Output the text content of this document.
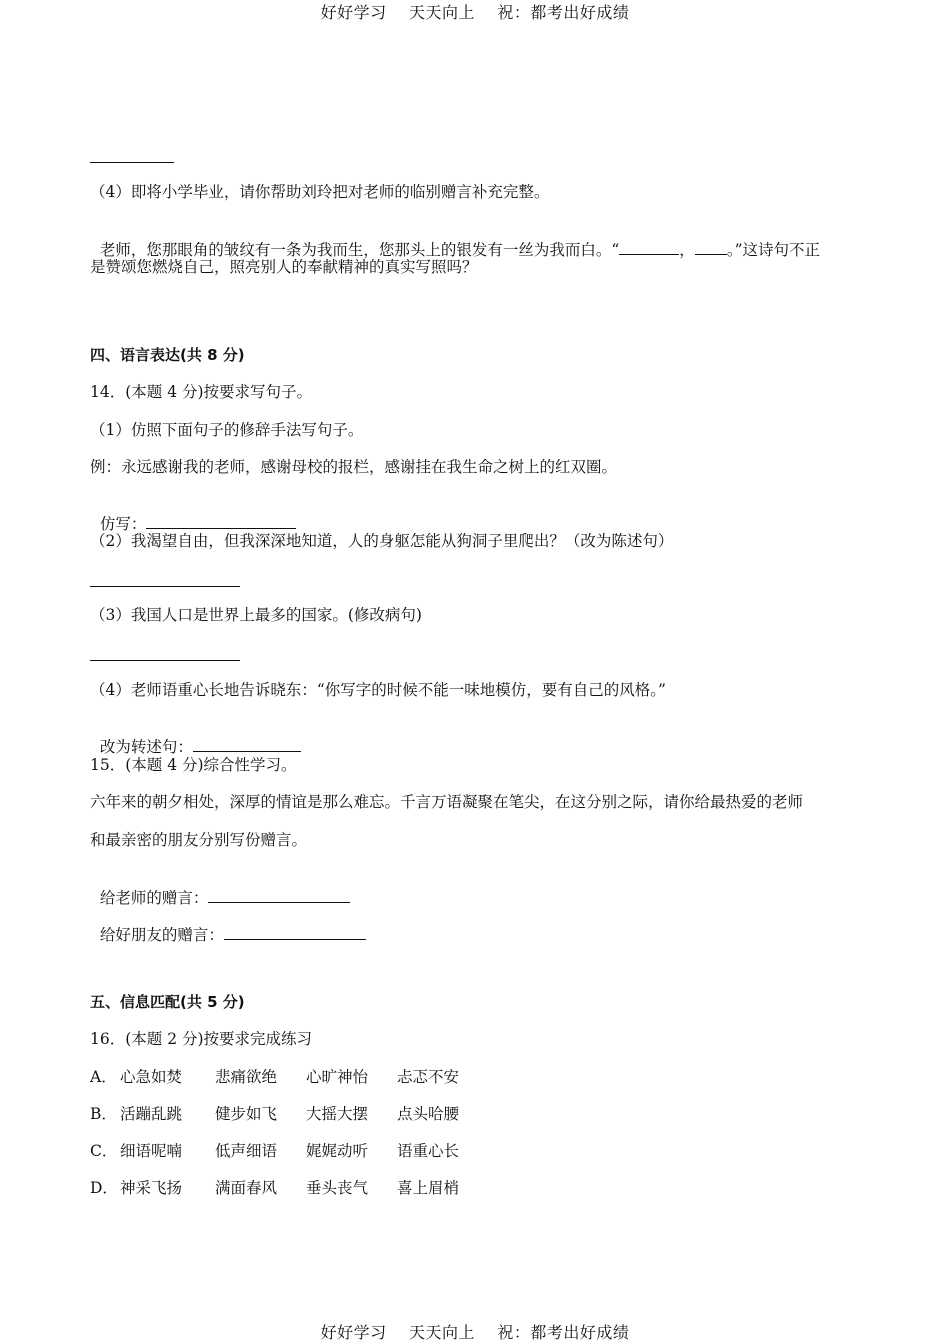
好好学习    天天向上    祝：都考出好成绩
（4）即将小学毕业，请你帮助刘玲把对老师的临别赠言补充完整。

老师，您那眼角的皱纹有一条为我而生，您那头上的银发有一丝为我而白。“	， 。”这诗句不正

是赞颂您燃烧自己，照亮别人的奉献精神的真实写照吗？
四、语言表达(共 8 分)
14．(本题 4 分)按要求写句子。
（1）仿照下面句子的修辞手法写句子。
例：永远感谢我的老师，感谢母校的报栏，感谢挂在我生命之树上的红双圈。

仿写：

（2）我渴望自由，但我深深地知道，人的身躯怎能从狗洞子里爬出？（改为陈述句）
（3）我国人口是世界上最多的国家。(修改病句)
（4）老师语重心长地告诉晓东：“你写字的时候不能一味地模仿，要有自己的风格。”

改为转述句：

15．(本题 4 分)综合性学习。
六年来的朝夕相处，深厚的情谊是那么难忘。千言万语凝聚在笔尖，在这分别之际，请你给最热爱的老师
和最亲密的朋友分别写份赠言。

给老师的赠言：

给好朋友的赠言：

五、信息匹配(共 5 分)
16．(本题 2 分)按要求完成练习
A． 心急如焚 悲痛欲绝 心旷神怡 忐忑不安
B． 活蹦乱跳 健步如飞 大摇大摆 点头哈腰
C． 细语呢喃 低声细语 娓娓动听 语重心长
D． 神采飞扬 满面春风 垂头丧气 喜上眉梢
好好学习    天天向上    祝：都考出好成绩
